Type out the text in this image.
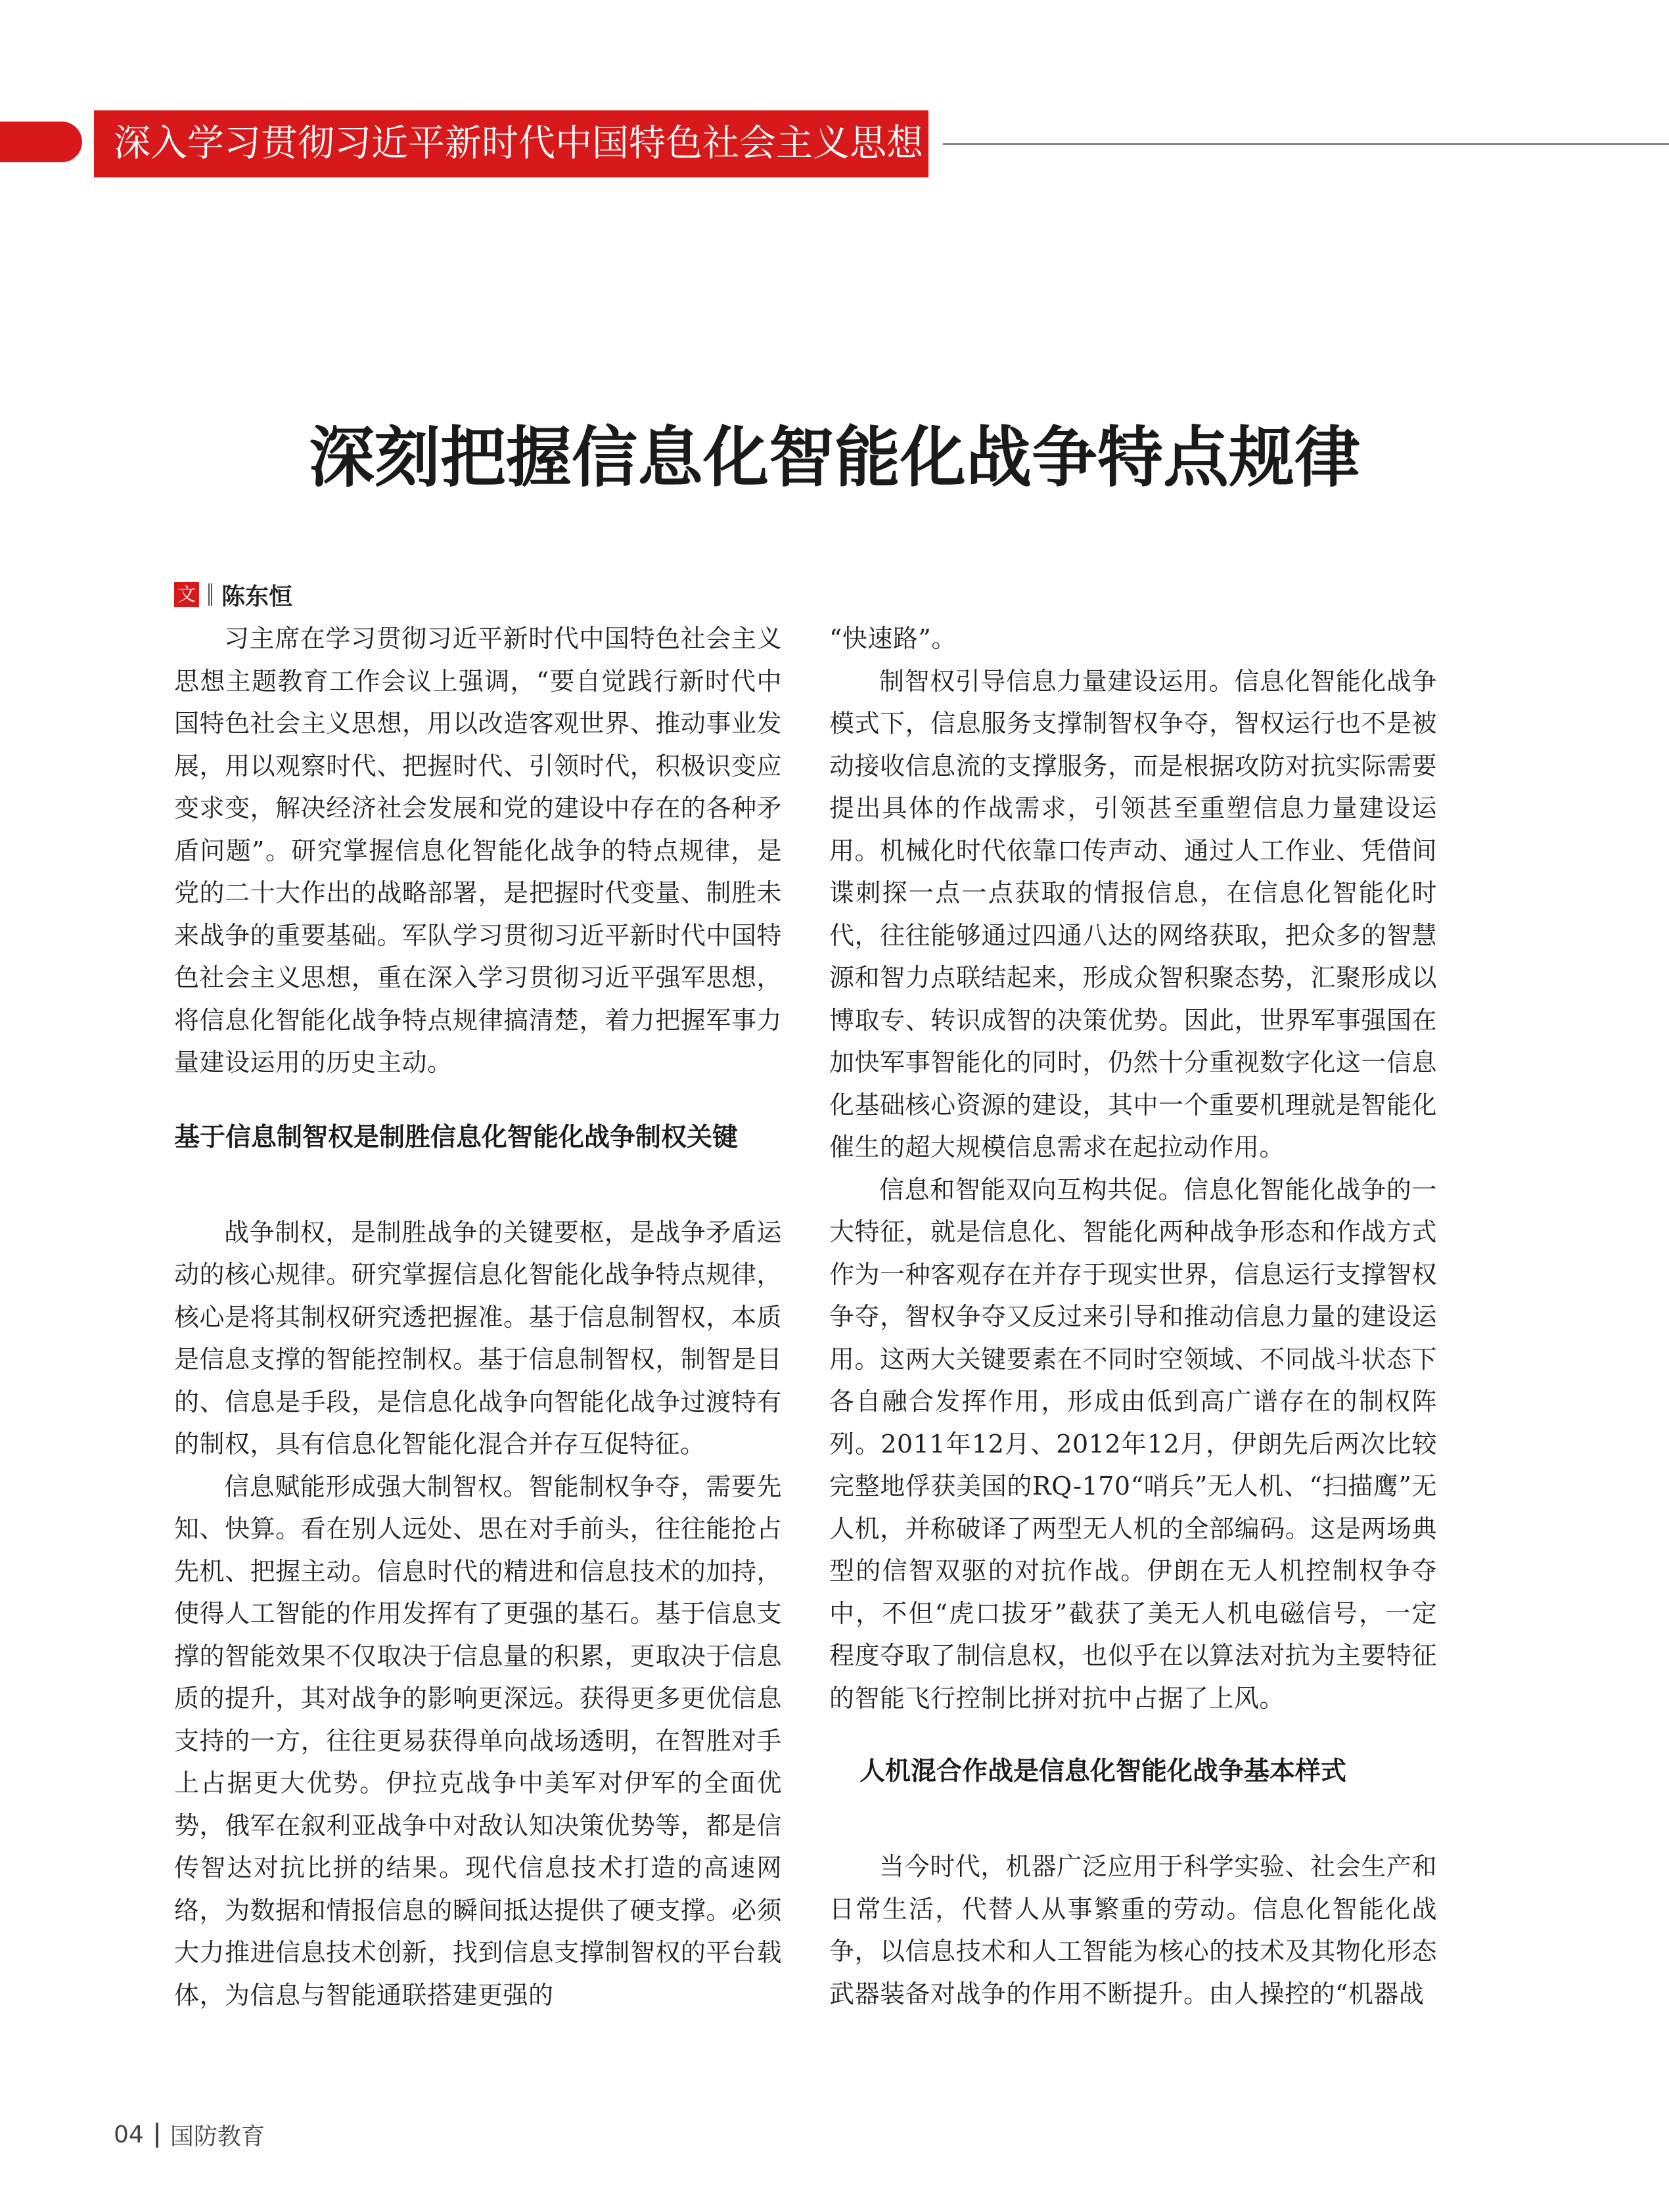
深入学习贯彻习近平新时代中国特色社会主义思想
深刻把握信息化智能化战争特点规律
文 陈东恒

习主席在学习贯彻习近平新时代中国特色社会主义思想主题教育工作会议上强调，“要自觉践行新时代中国特色社会主义思想，用以改造客观世界、推动事业发展，用以观察时代、把握时代、引领时代，积极识变应变求变，解决经济社会发展和党的建设中存在的各种矛盾问题”。研究掌握信息化智能化战争的特点规律，是党的二十大作出的战略部署，是把握时代变量、制胜未来战争的重要基础。军队学习贯彻习近平新时代中国特色社会主义思想，重在深入学习贯彻习近平强军思想，将信息化智能化战争特点规律搞清楚，着力把握军事力量建设运用的历史主动。

基于信息制智权是制胜信息化智能化战争制权关键

战争制权，是制胜战争的关键要枢，是战争矛盾运动的核心规律。研究掌握信息化智能化战争特点规律，核心是将其制权研究透把握准。基于信息制智权，本质是信息支撑的智能控制权。基于信息制智权，制智是目的、信息是手段，是信息化战争向智能化战争过渡特有的制权，具有信息化智能化混合并存互促特征。

信息赋能形成强大制智权。智能制权争夺，需要先知、快算。看在别人远处、思在对手前头，往往能抢占先机、把握主动。信息时代的精进和信息技术的加持，使得人工智能的作用发挥有了更强的基石。基于信息支撑的智能效果不仅取决于信息量的积累，更取决于信息质的提升，其对战争的影响更深远。获得更多更优信息支持的一方，往往更易获得单向战场透明，在智胜对手上占据更大优势。伊拉克战争中美军对伊军的全面优势，俄军在叙利亚战争中对敌认知决策优势等，都是信传智达对抗比拼的结果。现代信息技术打造的高速网络，为数据和情报信息的瞬间抵达提供了硬支撑。必须大力推进信息技术创新，找到信息支撑制智权的平台载体，为信息与智能通联搭建更强的

“快速路”。

制智权引导信息力量建设运用。信息化智能化战争模式下，信息服务支撑制智权争夺，智权运行也不是被动接收信息流的支撑服务，而是根据攻防对抗实际需要提出具体的作战需求，引领甚至重塑信息力量建设运用。机械化时代依靠口传声动、通过人工作业、凭借间谍刺探一点一点获取的情报信息，在信息化智能化时代，往往能够通过四通八达的网络获取，把众多的智慧源和智力点联结起来，形成众智积聚态势，汇聚形成以博取专、转识成智的决策优势。因此，世界军事强国在加快军事智能化的同时，仍然十分重视数字化这一信息化基础核心资源的建设，其中一个重要机理就是智能化催生的超大规模信息需求在起拉动作用。

信息和智能双向互构共促。信息化智能化战争的一大特征，就是信息化、智能化两种战争形态和作战方式作为一种客观存在并存于现实世界，信息运行支撑智权争夺，智权争夺又反过来引导和推动信息力量的建设运用。这两大关键要素在不同时空领域、不同战斗状态下各自融合发挥作用，形成由低到高广谱存在的制权阵列。2011年12月、2012年12月，伊朗先后两次比较完整地俘获美国的RQ-170“哨兵”无人机、“扫描鹰”无人机，并称破译了两型无人机的全部编码。这是两场典型的信智双驱的对抗作战。伊朗在无人机控制权争夺中，不但“虎口拔牙”截获了美无人机电磁信号，一定程度夺取了制信息权，也似乎在以算法对抗为主要特征的智能飞行控制比拼对抗中占据了上风。

人机混合作战是信息化智能化战争基本样式

当今时代，机器广泛应用于科学实验、社会生产和日常生活，代替人从事繁重的劳动。信息化智能化战争，以信息技术和人工智能为核心的技术及其物化形态武器装备对战争的作用不断提升。由人操控的“机器战

04 国防教育
